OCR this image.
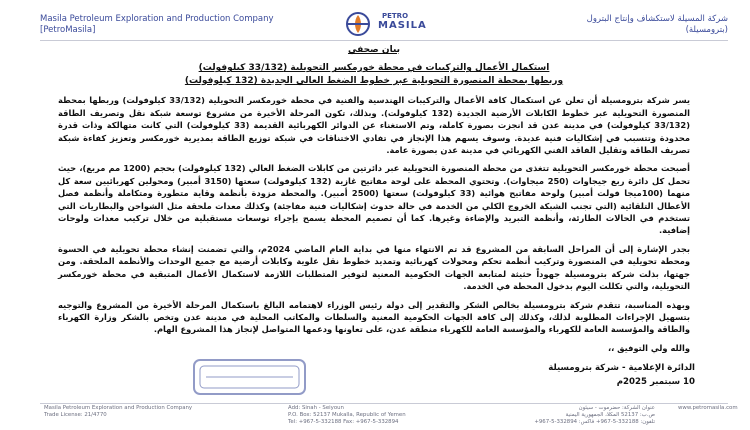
Masila Petroleum Exploration and Production Company
[PetroMasila]
PETRO
MASILA
شركة المسيلة لاستكشاف وإنتاج البترول
(بترومسيلة)
بيان صحفي
استكمال الأعمال والتركيبات في محطة خورمكسر التحويلية (33/132 كيلوفولت)
وربطها بمحطة المنصورة التحويلية عبر خطوط الضغط العالي الجديدة (132 كيلوفولت)

يسر شركة بترومسيلة أن تعلن عن استكمال كافة الأعمال والتركيبات الهندسية والفنية في محطة خورمكسر التحويلية (33/132 كيلوفولت) وربطها بمحطة المنصورة التحويلية عبر خطوط الكابلات الأرضية الجديدة (132 كيلوفولت). وبذلك، تكون المرحلة الأخيرة من مشروع توسعة شبكة نقل وتصريف الطاقة (33/132 كيلوفولت) في مدينة عدن قد انجزت بصورة كاملة، وتم الاستغناء عن الدوائر الكهربائية القديمة (33 كيلوفولت) التي كانت متهالكة وذات قدرة محدودة وتتسبب في إشكاليات فنية عديدة. وسوف يسهم هذا الإنجاز في تفادي الاختناقات في شبكة توزيع الطاقة بمديرية خورمكسر وتعزيز كفاءة شبكة تصريف الطاقة وتقليل الفاقد الفني الكهربائي في مدينة عدن بصورة عامة.

أصبحت محطة خورمكسر التحويلية تتغذى من محطة المنصورة التحويلية عبر دائرتين من كابلات الضغط العالي (132 كيلوفولت) بحجم (1200 مم مربع)، حيث تحمل كل دائرة ربع جيجاوات (250 ميجاوات). وتحتوي المحطة على لوحة مفاتيح غازية (132 كيلوفولت) سعتها (3150 أمبير) ومحولين كهربائيين سعة كل منهما (100ميجا فولت أمبير) ولوحة مفاتيح هوائية (33 كيلوفولت) سعتها (2500 أمبير). والمحطة مزودة بأنظمة وقاية متطورة ومتكاملة وأنظمة فصل الأعطال التلقائية (التي تجنب الشبكة الخروج الكلي من الخدمة في حالة حدوث إشكاليات فنية مفاجئة) وكذلك معدات ملحقة مثل الشواحن والبطاريات التي تستخدم في الحالات الطارئة، وأنظمة التبريد والإضاءة وغيرها. كما أن تصميم المحطة يسمح بإجراء توسعات مستقبلية من خلال تركيب معدات ولوحات إضافية.

بجدر الإشارة إلى أن المراحل السابقة من المشروع قد تم الانتهاء منها في بداية العام الماضي 2024م، والتي تضمنت إنشاء محطة تحويلية في الحسوة ومحطة تحويلية في المنصورة وتركيب أنظمة تحكم ومحولات كهربائية وتمديد خطوط نقل علوية وكابلات أرضية مع جميع الوحدات والأنظمة الملحقة. ومن جهتها، بذلت شركة بترومسيلة جهوداً حثيثة لمتابعة الجهات الحكومية المعنية لتوفير المتطلبات اللازمة لاستكمال الأعمال المتبقية في محطة خورمكسر التحويلية، والتي تكللت اليوم بدخول المحطة في الخدمة.

وبهذه المناسبة، تتقدم شركة بترومسيلة بخالص الشكر والتقدير إلى دولة رئيس الوزراء لاهتمامه البالغ باستكمال المرحلة الأخيرة من المشروع والتوجيه بتسهيل الإجراءات المطلوبة لذلك، وكذلك إلى كافة الجهات الحكومية المعنية والسلطات والمكاتب المحلية في مدينة عدن وتخص بالشكر وزارة الكهرباء والطاقة والمؤسسة العامة للكهرباء والمؤسسة العامة للكهرباء منطقة عدن، على تعاونها ودعمها المتواصل لإنجاز هذا المشروع الهام.

والله ولي التوفيق ،،

الدائرة الإعلامية - شركة بترومسيلة
10 سبتمبر 2025م
Masila Petroleum Exploration and Production Company
Trade License: 21/4770
Add: Sinah - Seiyoun
P.O. Box: 52137 Mukalla, Republic of Yemen
Tel: +967-5-332188 Fax: +967-5-332894
عنوان الشركة: حضرموت - سيئون
ص.ب: 52137 المكلا، الجمهورية اليمنية
تلفون: 332188-5-967+ فاكس: 332894-5-967+
www.petromasila.com
